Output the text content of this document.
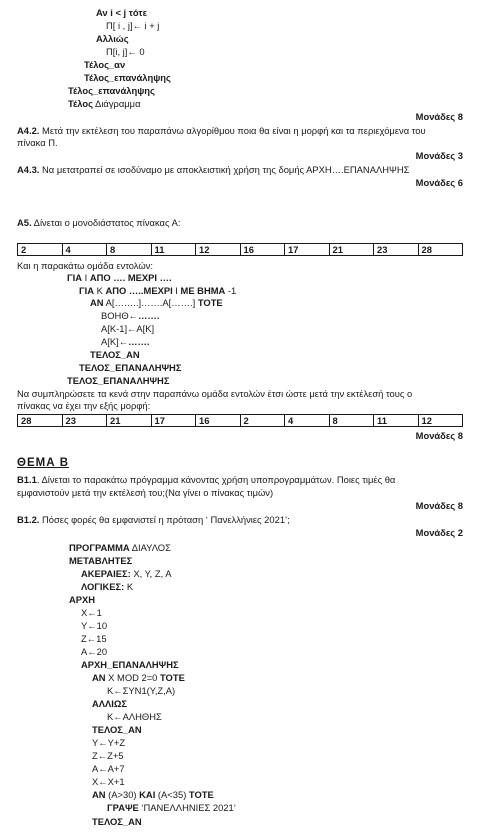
Αν i < j τότε
Π[ i , j]← i + j
Αλλιώς
Π[i, j]← 0
Τέλος_αν
Τέλος_επανάληψης
Τέλος_επανάληψης
Τέλος Διάγραμμα
Μονάδες 8
Α4.2. Μετά την εκτέλεση του παραπάνω αλγορίθμου ποια θα είναι η μορφή και τα περιεχόμενα του
πίνακα Π.
Μονάδες 3
Α4.3. Να μετατραπεί σε ισοδύναμο με αποκλειστική χρήση της δομής ΑΡΧΗ….ΕΠΑΝΑΛΗΨΗΣ
Μονάδες 6
Α5. Δίνεται ο μονοδιάστατος πίνακας Α:
2	4	8	11	12	16	17	21	23	28
Και η παρακάτω ομάδα εντολών:
ΓΙΑ Ι ΑΠΟ …. ΜΕΧΡΙ ….
ΓΙΑ Κ ΑΠΟ …..ΜΕΧΡΙ Ι ΜΕ ΒΗΜΑ -1
ΑΝ Α[……..]…….Α[…….] ΤΟΤΕ
ΒΟΗΘ←…….
Α[Κ-1]←Α[Κ]
Α[Κ]←…….
ΤΕΛΟΣ_ΑΝ
ΤΕΛΟΣ_ΕΠΑΝΑΛΗΨΗΣ
ΤΕΛΟΣ_ΕΠΑΝΑΛΗΨΗΣ
Να συμπληρώσετε τα κενά στην παραπάνω ομάδα εντολών έτσι ώστε μετά την εκτέλεσή τους ο
πίνακας να έχει την εξής μορφή:
28	23	21	17	16	2	4	8	11	12
Μονάδες 8
ΘΕΜΑ Β
Β1.1. Δίνεται το παρακάτω πρόγραμμα κάνοντας χρήση υποπρογραμμάτων. Ποιες τιμές θα
εμφανιστούν μετά την εκτέλεσή του;(Να γίνει ο πίνακας τιμών)
Μονάδες 8
Β1.2. Πόσες φορές θα εμφανιστεί η πρόταση ‘ Πανελλήνιες 2021’;
Μονάδες 2
ΠΡΟΓΡΑΜΜΑ ΔΙΑΥΛΟΣ
ΜΕΤΑΒΛΗΤΕΣ
ΑΚΕΡΑΙΕΣ: X, Y, Z, A
ΛΟΓΙΚΕΣ: K
ΑΡΧΗ
X←1
Y←10
Z←15
A←20
ΑΡΧΗ_ΕΠΑΝΑΛΗΨΗΣ
ΑΝ X MOD 2=0 ΤΟΤΕ
K←ΣΥΝ1(Y,Z,A)
ΑΛΛΙΩΣ
K←ΑΛΗΘΗΣ
ΤΕΛΟΣ_ΑΝ
Y←Y+Z
Z←Z+5
A←A+7
X←X+1
ΑΝ (A>30) ΚΑΙ (A<35) ΤΟΤΕ
ΓΡΑΨΕ ‘ΠΑΝΕΛΛΗΝΙΕΣ 2021’
ΤΕΛΟΣ_ΑΝ
